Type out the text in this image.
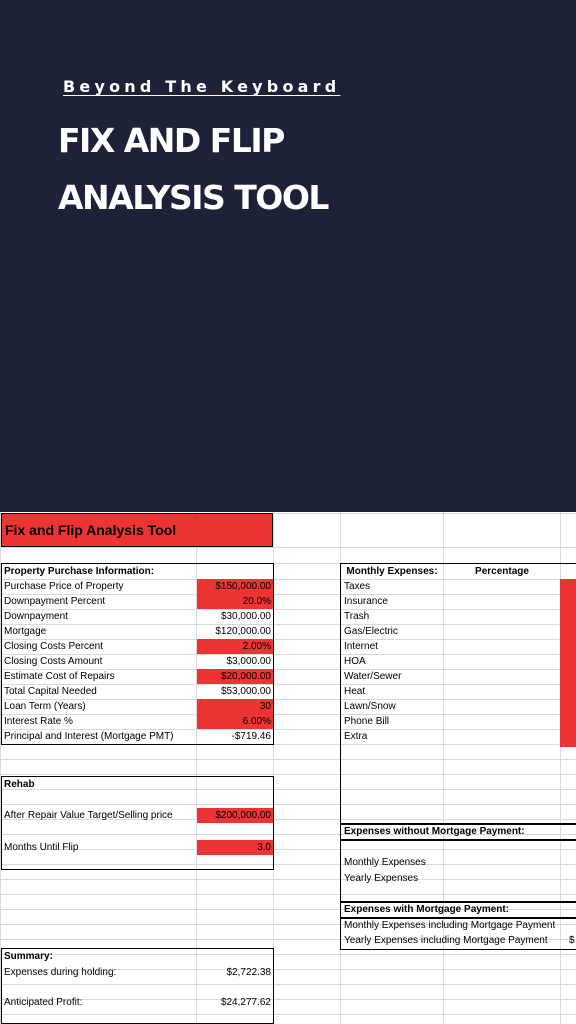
Beyond The Keyboard
FIX AND FLIP
ANALYSIS TOOL
Fix and Flip Analysis Tool
Property Purchase Information:
Purchase Price of Property	$150,000.00
Downpayment Percent	20.0%
Downpayment	$30,000.00
Mortgage	$120,000.00
Closing Costs Percent	2.00%
Closing Costs Amount	$3,000.00
Estimate Cost of Repairs	$20,000.00
Total Capital Needed	$53,000.00
Loan Term (Years)	30
Interest Rate %	6.00%
Principal and Interest (Mortgage PMT)	-$719.46
Rehab
After Repair Value Target/Selling price	$200,000.00
Months Until Flip	3.0
Summary:
Expenses during holding:	$2,722.38
Anticipated Profit:	$24,277.62
Monthly Expenses:	Percentage
Taxes
Insurance
Trash
Gas/Electric
Internet
HOA
Water/Sewer
Heat
Lawn/Snow
Phone Bill
Extra
Expenses without Mortgage Payment:
Monthly Expenses
Yearly Expenses
Expenses with Mortgage Payment:
Monthly Expenses including Mortgage Payment
Yearly Expenses including Mortgage Payment	$
